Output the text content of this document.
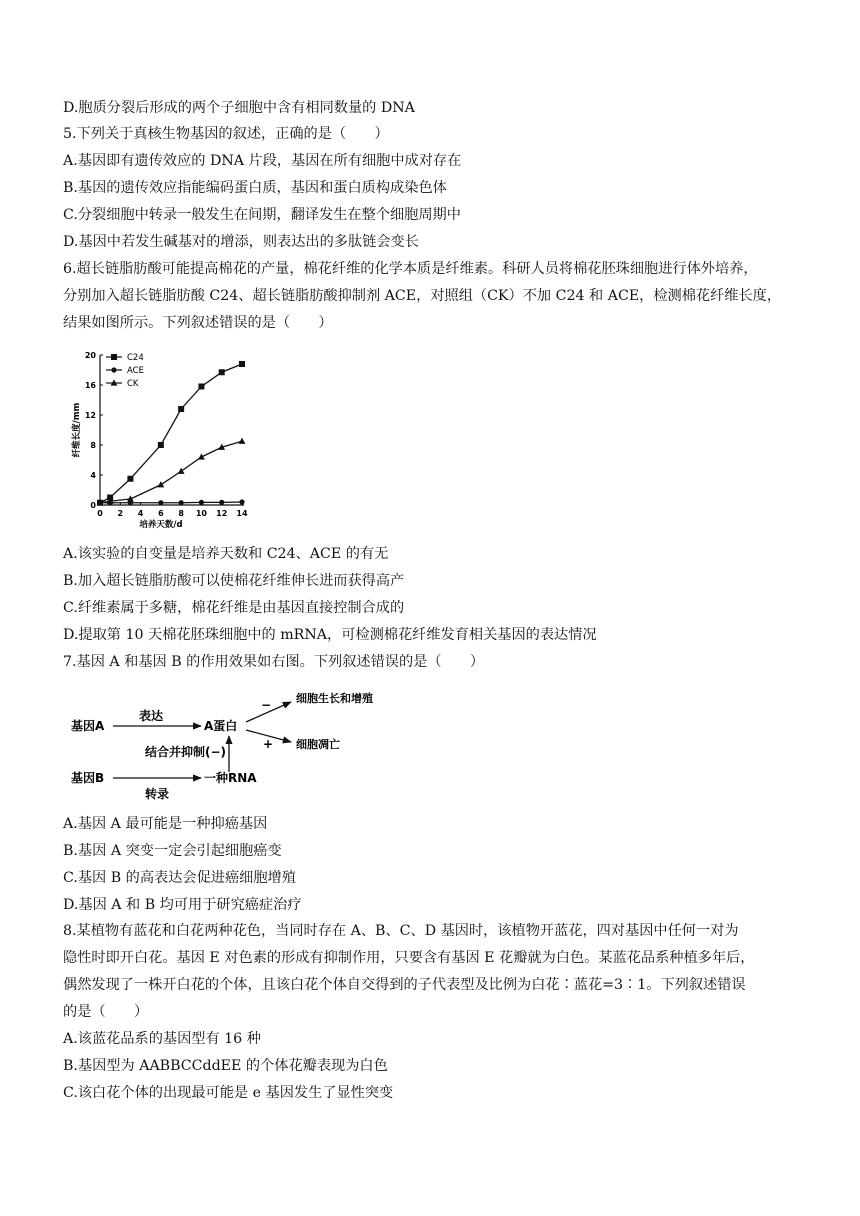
D.胞质分裂后形成的两个子细胞中含有相同数量的 DNA
5.下列关于真核生物基因的叙述，正确的是（　　）
A.基因即有遗传效应的 DNA 片段，基因在所有细胞中成对存在
B.基因的遗传效应指能编码蛋白质，基因和蛋白质构成染色体
C.分裂细胞中转录一般发生在间期，翻译发生在整个细胞周期中
D.基因中若发生碱基对的增添，则表达出的多肽链会变长
6.超长链脂肪酸可能提高棉花的产量，棉花纤维的化学本质是纤维素。科研人员将棉花胚珠细胞进行体外培养，
分别加入超长链脂肪酸 C24、超长链脂肪酸抑制剂 ACE，对照组（CK）不加 C24 和 ACE，检测棉花纤维长度，
结果如图所示。下列叙述错误的是（　　）
0 2 4 6 8 10 12 14
0
4
8
12
16
20
培养天数/d
纤维长度/mm
C24
ACE
CK
A.该实验的自变量是培养天数和 C24、ACE 的有无
B.加入超长链脂肪酸可以使棉花纤维伸长进而获得高产
C.纤维素属于多糖，棉花纤维是由基因直接控制合成的
D.提取第 10 天棉花胚珠细胞中的 mRNA，可检测棉花纤维发育相关基因的表达情况
7.基因 A 和基因 B 的作用效果如右图。下列叙述错误的是（　　）
基因A
表达
A蛋白
−
+
细胞生长和增殖
细胞凋亡
结合并抑制(−)
基因B	一种RNA
转录
A.基因 A 最可能是一种抑癌基因
B.基因 A 突变一定会引起细胞癌变
C.基因 B 的高表达会促进癌细胞增殖
D.基因 A 和 B 均可用于研究癌症治疗
8.某植物有蓝花和白花两种花色，当同时存在 A、B、C、D 基因时，该植物开蓝花，四对基因中任何一对为
隐性时即开白花。基因 E 对色素的形成有抑制作用，只要含有基因 E 花瓣就为白色。某蓝花品系种植多年后，
偶然发现了一株开白花的个体，且该白花个体自交得到的子代表型及比例为白花∶蓝花=3∶1。下列叙述错误
的是（　　）
A.该蓝花品系的基因型有 16 种
B.基因型为 AABBCCddEE 的个体花瓣表现为白色
C.该白花个体的出现最可能是 e 基因发生了显性突变
